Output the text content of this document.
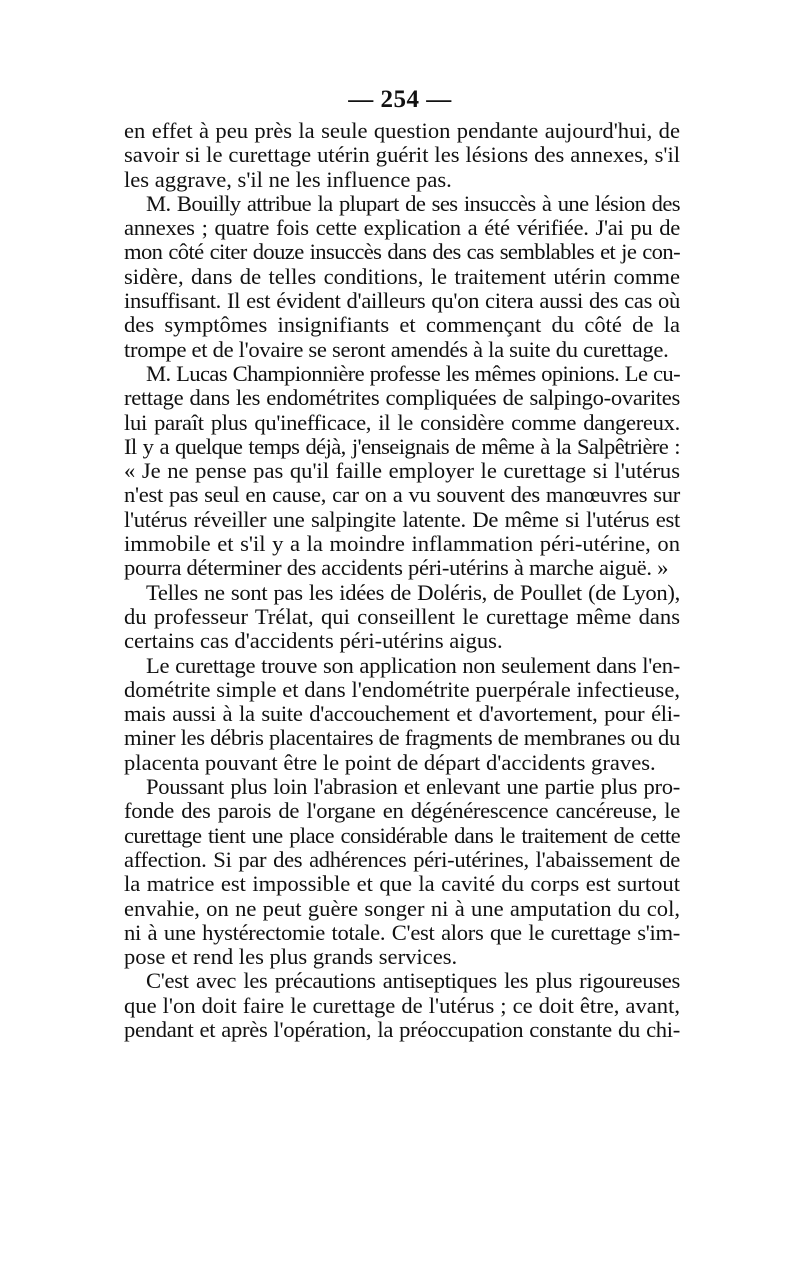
— 254 —
en effet à peu près la seule question pendante aujourd'hui, de
savoir si le curettage utérin guérit les lésions des annexes, s'il
les aggrave, s'il ne les influence pas.
M. Bouilly attribue la plupart de ses insuccès à une lésion des
annexes ; quatre fois cette explication a été vérifiée. J'ai pu de
mon côté citer douze insuccès dans des cas semblables et je con-
sidère, dans de telles conditions, le traitement utérin comme
insuffisant. Il est évident d'ailleurs qu'on citera aussi des cas où
des symptômes insignifiants et commençant du côté de la
trompe et de l'ovaire se seront amendés à la suite du curettage.
M. Lucas Championnière professe les mêmes opinions. Le cu-
rettage dans les endométrites compliquées de salpingo-ovarites
lui paraît plus qu'inefficace, il le considère comme dangereux.
Il y a quelque temps déjà, j'enseignais de même à la Salpêtrière :
« Je ne pense pas qu'il faille employer le curettage si l'utérus
n'est pas seul en cause, car on a vu souvent des manœuvres sur
l'utérus réveiller une salpingite latente. De même si l'utérus est
immobile et s'il y a la moindre inflammation péri-utérine, on
pourra déterminer des accidents péri-utérins à marche aiguë. »
Telles ne sont pas les idées de Doléris, de Poullet (de Lyon),
du professeur Trélat, qui conseillent le curettage même dans
certains cas d'accidents péri-utérins aigus.
Le curettage trouve son application non seulement dans l'en-
dométrite simple et dans l'endométrite puerpérale infectieuse,
mais aussi à la suite d'accouchement et d'avortement, pour éli-
miner les débris placentaires de fragments de membranes ou du
placenta pouvant être le point de départ d'accidents graves.
Poussant plus loin l'abrasion et enlevant une partie plus pro-
fonde des parois de l'organe en dégénérescence cancéreuse, le
curettage tient une place considérable dans le traitement de cette
affection. Si par des adhérences péri-utérines, l'abaissement de
la matrice est impossible et que la cavité du corps est surtout
envahie, on ne peut guère songer ni à une amputation du col,
ni à une hystérectomie totale. C'est alors que le curettage s'im-
pose et rend les plus grands services.
C'est avec les précautions antiseptiques les plus rigoureuses
que l'on doit faire le curettage de l'utérus ; ce doit être, avant,
pendant et après l'opération, la préoccupation constante du chi-
